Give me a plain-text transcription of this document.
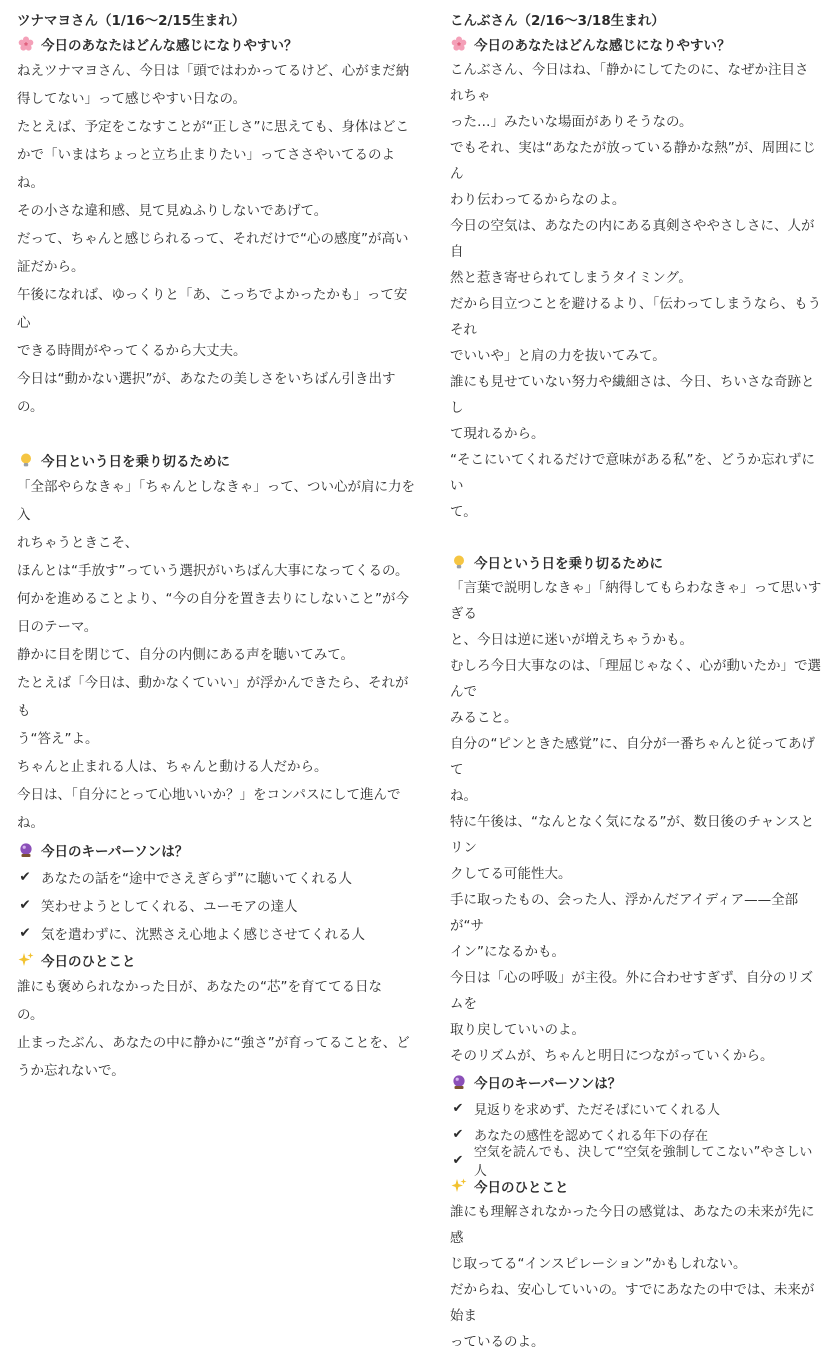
ツナマヨさん（1/16〜2/15生まれ）
今日のあなたはどんな感じになりやすい？
ねえツナマヨさん、今日は「頭ではわかってるけど、心がまだ納
得してない」って感じやすい日なの。
たとえば、予定をこなすことが“正しさ”に思えても、身体はどこ
かで「いまはちょっと立ち止まりたい」ってささやいてるのよね。
その小さな違和感、見て見ぬふりしないであげて。
だって、ちゃんと感じられるって、それだけで“心の感度”が高い
証だから。
午後になれば、ゆっくりと「あ、こっちでよかったかも」って安心
できる時間がやってくるから大丈夫。
今日は“動かない選択”が、あなたの美しさをいちばん引き出す
の。
今日という日を乗り切るために
「全部やらなきゃ」「ちゃんとしなきゃ」って、つい心が肩に力を入
れちゃうときこそ、
ほんとは“手放す”っていう選択がいちばん大事になってくるの。
何かを進めることより、“今の自分を置き去りにしないこと”が今
日のテーマ。
静かに目を閉じて、自分の内側にある声を聴いてみて。
たとえば「今日は、動かなくていい」が浮かんできたら、それがも
う“答え”よ。
ちゃんと止まれる人は、ちゃんと動ける人だから。
今日は、「自分にとって心地いいか？」をコンパスにして進んで
ね。
今日のキーパーソンは？
✔ あなたの話を“途中でさえぎらず”に聴いてくれる人
✔ 笑わせようとしてくれる、ユーモアの達人
✔ 気を遣わずに、沈黙さえ心地よく感じさせてくれる人
今日のひとこと
誰にも褒められなかった日が、あなたの“芯”を育ててる日な
の。
止まったぶん、あなたの中に静かに“強さ”が育ってることを、ど
うか忘れないで。
こんぶさん（2/16〜3/18生まれ）
今日のあなたはどんな感じになりやすい？
こんぶさん、今日はね、「静かにしてたのに、なぜか注目されちゃ
った…」みたいな場面がありそうなの。
でもそれ、実は“あなたが放っている静かな熱”が、周囲にじん
わり伝わってるからなのよ。
今日の空気は、あなたの内にある真剣さややさしさに、人が自
然と惹き寄せられてしまうタイミング。
だから目立つことを避けるより、「伝わってしまうなら、もうそれ
でいいや」と肩の力を抜いてみて。
誰にも見せていない努力や繊細さは、今日、ちいさな奇跡とし
て現れるから。
“そこにいてくれるだけで意味がある私”を、どうか忘れずにい
て。
今日という日を乗り切るために
「言葉で説明しなきゃ」「納得してもらわなきゃ」って思いすぎる
と、今日は逆に迷いが増えちゃうかも。
むしろ今日大事なのは、「理屈じゃなく、心が動いたか」で選んで
みること。
自分の“ピンときた感覚”に、自分が一番ちゃんと従ってあげて
ね。
特に午後は、“なんとなく気になる”が、数日後のチャンスとリン
クしてる可能性大。
手に取ったもの、会った人、浮かんだアイディア——全部が“サ
イン”になるかも。
今日は「心の呼吸」が主役。外に合わせすぎず、自分のリズムを
取り戻していいのよ。
そのリズムが、ちゃんと明日につながっていくから。
今日のキーパーソンは？
✔ 見返りを求めず、ただそばにいてくれる人
✔ あなたの感性を認めてくれる年下の存在
✔ 空気を読んでも、決して“空気を強制してこない”やさしい人
今日のひとこと
誰にも理解されなかった今日の感覚は、あなたの未来が先に感
じ取ってる“インスピレーション”かもしれない。
だからね、安心していいの。すでにあなたの中では、未来が始ま
っているのよ。
